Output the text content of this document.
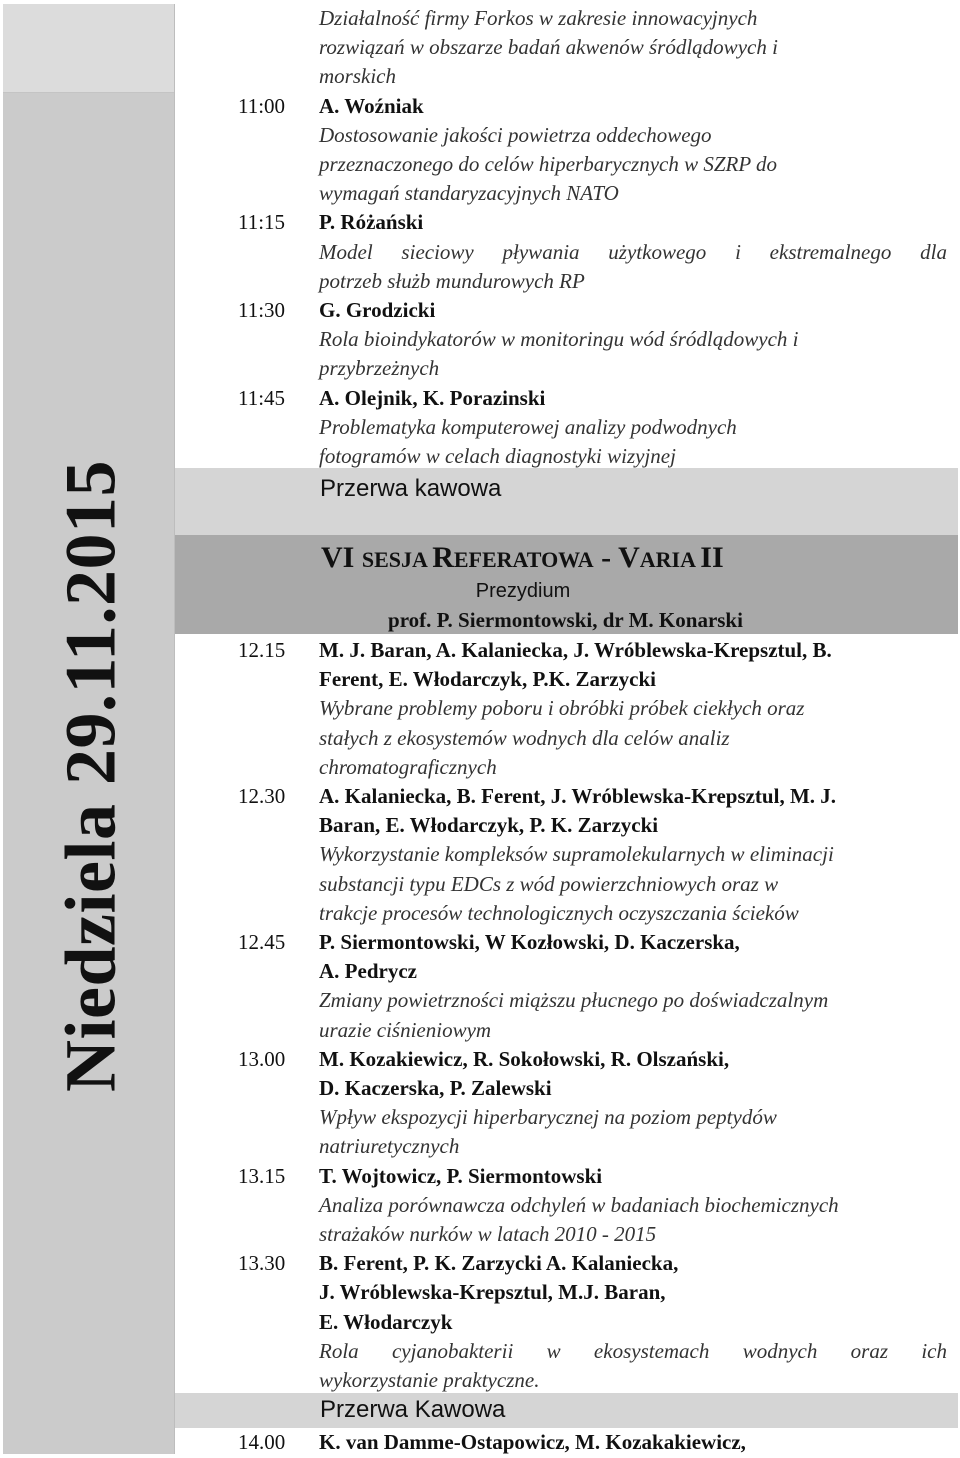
Niedziela 29.11.2015	Przerwa kawowa
VI SESJA REFERATOWA - VARIA II
Prezydium
prof. P. Siermontowski, dr M. Konarski
Przerwa Kawowa
Działalność firmy Forkos w zakresie innowacyjnych
rozwiązań w obszarze badań akwenów śródlądowych i
morskich
11:00	A. Woźniak
Dostosowanie jakości powietrza oddechowego
przeznaczonego do celów hiperbarycznych w SZRP do
wymagań standaryzacyjnych NATO
11:15	P. Różański
Model sieciowy pływania użytkowego i ekstremalnego dla
potrzeb służb mundurowych RP
11:30	G. Grodzicki
Rola bioindykatorów w monitoringu wód śródlądowych i
przybrzeżnych
11:45	A. Olejnik, K. Porazinski
Problematyka komputerowej analizy podwodnych
fotogramów w celach diagnostyki wizyjnej
12.15	M. J. Baran, A. Kalaniecka, J. Wróblewska-Krepsztul, B.
Ferent, E. Włodarczyk, P.K. Zarzycki
Wybrane problemy poboru i obróbki próbek ciekłych oraz
stałych z ekosystemów wodnych dla celów analiz
chromatograficznych
12.30	A. Kalaniecka, B. Ferent, J. Wróblewska-Krepsztul, M. J.
Baran, E. Włodarczyk, P. K. Zarzycki
Wykorzystanie kompleksów supramolekularnych w eliminacji
substancji typu EDCs z wód powierzchniowych oraz w
trakcje procesów technologicznych oczyszczania ścieków
12.45	P. Siermontowski, W Kozłowski, D. Kaczerska,
A. Pedrycz
Zmiany powietrzności miąższu płucnego po doświadczalnym
urazie ciśnieniowym
13.00	M. Kozakiewicz, R. Sokołowski, R. Olszański,
D. Kaczerska, P. Zalewski
Wpływ ekspozycji hiperbarycznej na poziom peptydów
natriuretycznych
13.15	T. Wojtowicz, P. Siermontowski
Analiza porównawcza odchyleń w badaniach biochemicznych
strażaków nurków w latach 2010 - 2015
13.30	B. Ferent, P. K. Zarzycki A. Kalaniecka,
J. Wróblewska-Krepsztul, M.J. Baran,
E. Włodarczyk
Rola cyjanobakterii w ekosystemach wodnych oraz ich
wykorzystanie praktyczne.
14.00	K. van Damme-Ostapowicz, M. Kozakakiewicz,
